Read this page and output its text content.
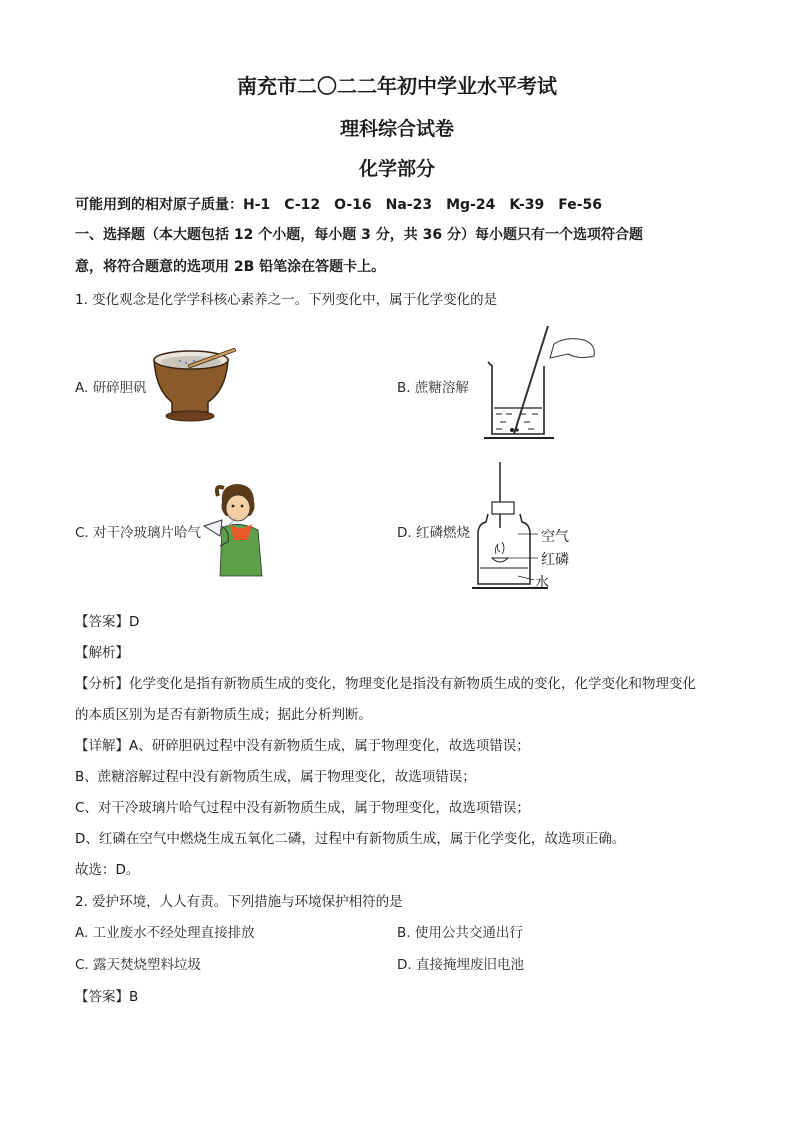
南充市二〇二二年初中学业水平考试
理科综合试卷
化学部分
可能用到的相对原子质量：H-1　C-12　O-16　Na-23　Mg-24　K-39　Fe-56
一、选择题（本大题包括 12 个小题，每小题 3 分，共 36 分）每小题只有一个选项符合题
意，将符合题意的选项用 2B 铅笔涂在答题卡上。
1. 变化观念是化学学科核心素养之一。下列变化中，属于化学变化的是
A. 研碎胆矾	B. 蔗糖溶解
C. 对干冷玻璃片哈气	D. 红磷燃烧	空气
红磷
水
【答案】D
【解析】
【分析】化学变化是指有新物质生成的变化，物理变化是指没有新物质生成的变化，化学变化和物理变化
的本质区别为是否有新物质生成；据此分析判断。
【详解】A、研碎胆矾过程中没有新物质生成，属于物理变化，故选项错误；
B、蔗糖溶解过程中没有新物质生成，属于物理变化，故选项错误；
C、对干冷玻璃片哈气过程中没有新物质生成，属于物理变化，故选项错误；
D、红磷在空气中燃烧生成五氧化二磷，过程中有新物质生成，属于化学变化，故选项正确。
故选：D。
2. 爱护环境，人人有责。下列措施与环境保护相符的是
A. 工业废水不经处理直接排放	B. 使用公共交通出行
C. 露天焚烧塑料垃圾	D. 直接掩埋废旧电池
【答案】B
